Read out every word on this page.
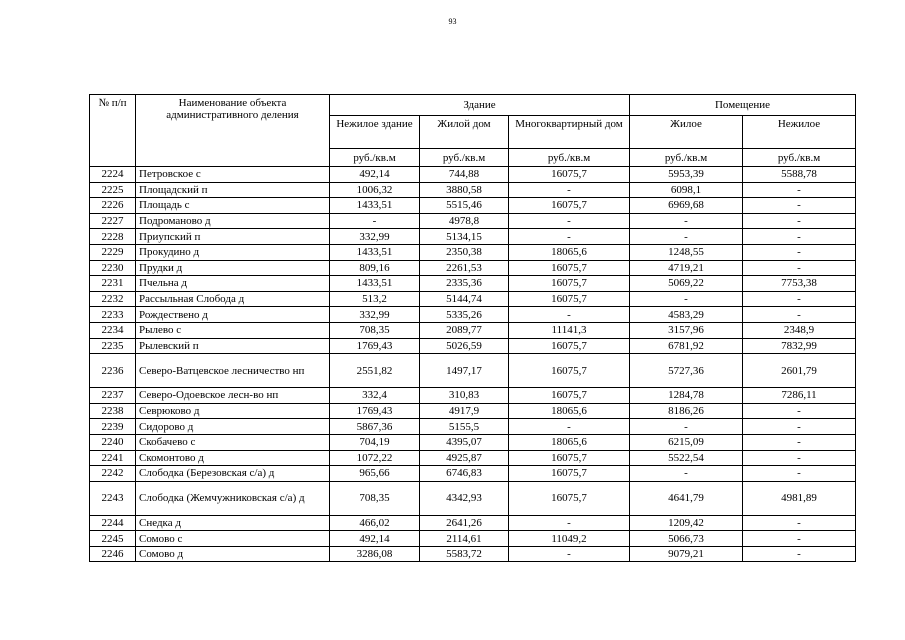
93
№ п/п	Наименование объекта административного деления	Здание			Помещение	
		Нежилое здание	Жилой дом	Многоквартирный дом	Жилое	Нежилое
		руб./кв.м	руб./кв.м	руб./кв.м	руб./кв.м	руб./кв.м
2224	Петровское с	492,14	744,88	16075,7	5953,39	5588,78
2225	Площадский п	1006,32	3880,58	-	6098,1	-
2226	Площадь с	1433,51	5515,46	16075,7	6969,68	-
2227	Подроманово д	-	4978,8	-	-	-
2228	Приупский п	332,99	5134,15	-	-	-
2229	Прокудино д	1433,51	2350,38	18065,6	1248,55	-
2230	Прудки д	809,16	2261,53	16075,7	4719,21	-
2231	Пчельна д	1433,51	2335,36	16075,7	5069,22	7753,38
2232	Рассыльная Слобода д	513,2	5144,74	16075,7	-	-
2233	Рождествено д	332,99	5335,26	-	4583,29	-
2234	Рылево с	708,35	2089,77	11141,3	3157,96	2348,9
2235	Рылевский п	1769,43	5026,59	16075,7	6781,92	7832,99
2236	Северо-Ватцевское лесничество нп	2551,82	1497,17	16075,7	5727,36	2601,79
2237	Северо-Одоевское лесн-во нп	332,4	310,83	16075,7	1284,78	7286,11
2238	Севрюково д	1769,43	4917,9	18065,6	8186,26	-
2239	Сидорово д	5867,36	5155,5	-	-	-
2240	Скобачево с	704,19	4395,07	18065,6	6215,09	-
2241	Скомонтово д	1072,22	4925,87	16075,7	5522,54	-
2242	Слободка (Березовская с/а) д	965,66	6746,83	16075,7	-	-
2243	Слободка (Жемчужниковская с/а) д	708,35	4342,93	16075,7	4641,79	4981,89
2244	Снедка д	466,02	2641,26	-	1209,42	-
2245	Сомово с	492,14	2114,61	11049,2	5066,73	-
2246	Сомово д	3286,08	5583,72	-	9079,21	-
